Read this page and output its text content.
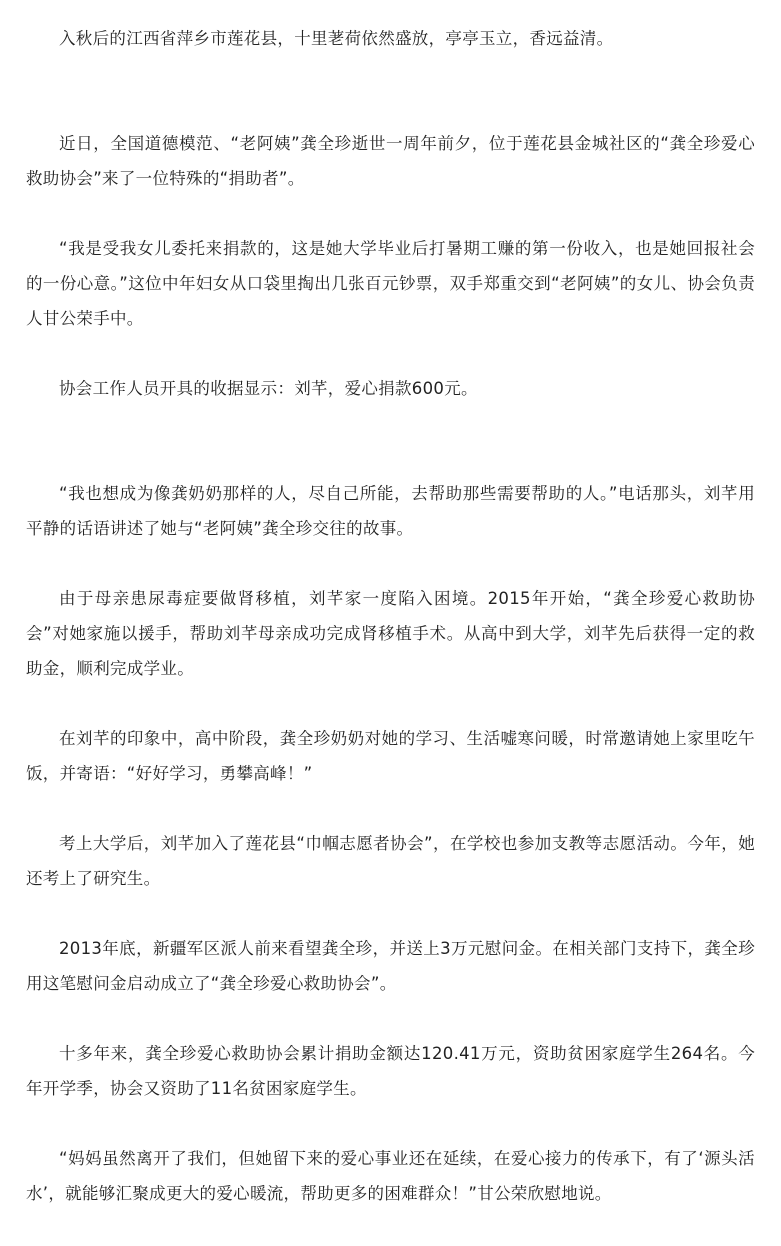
入秋后的江西省萍乡市莲花县，十里荖荷依然盛放，亭亭玉立，香远益清。

近日，全国道德模范、“老阿姨”龚全珍逝世一周年前夕，位于莲花县金城社区的“龚全珍爱心救助协会”来了一位特殊的“捐助者”。

“我是受我女儿委托来捐款的，这是她大学毕业后打暑期工赚的第一份收入，也是她回报社会的一份心意。”这位中年妇女从口袋里掏出几张百元钞票，双手郑重交到“老阿姨”的女儿、协会负责人甘公荣手中。

协会工作人员开具的收据显示：刘芊，爱心捐款600元。

“我也想成为像龚奶奶那样的人，尽自己所能，去帮助那些需要帮助的人。”电话那头，刘芊用平静的话语讲述了她与“老阿姨”龚全珍交往的故事。

由于母亲患尿毒症要做肾移植，刘芊家一度陷入困境。2015年开始，“龚全珍爱心救助协会”对她家施以援手，帮助刘芊母亲成功完成肾移植手术。从高中到大学，刘芊先后获得一定的救助金，顺利完成学业。

在刘芊的印象中，高中阶段，龚全珍奶奶对她的学习、生活嘘寒问暖，时常邀请她上家里吃午饭，并寄语：“好好学习，勇攀高峰！”

考上大学后，刘芊加入了莲花县“巾帼志愿者协会”，在学校也参加支教等志愿活动。今年，她还考上了研究生。

2013年底，新疆军区派人前来看望龚全珍，并送上3万元慰问金。在相关部门支持下，龚全珍用这笔慰问金启动成立了“龚全珍爱心救助协会”。

十多年来，龚全珍爱心救助协会累计捐助金额达120.41万元，资助贫困家庭学生264名。今年开学季，协会又资助了11名贫困家庭学生。

“妈妈虽然离开了我们，但她留下来的爱心事业还在延续，在爱心接力的传承下，有了‘源头活水’，就能够汇聚成更大的爱心暖流，帮助更多的困难群众！”甘公荣欣慰地说。
